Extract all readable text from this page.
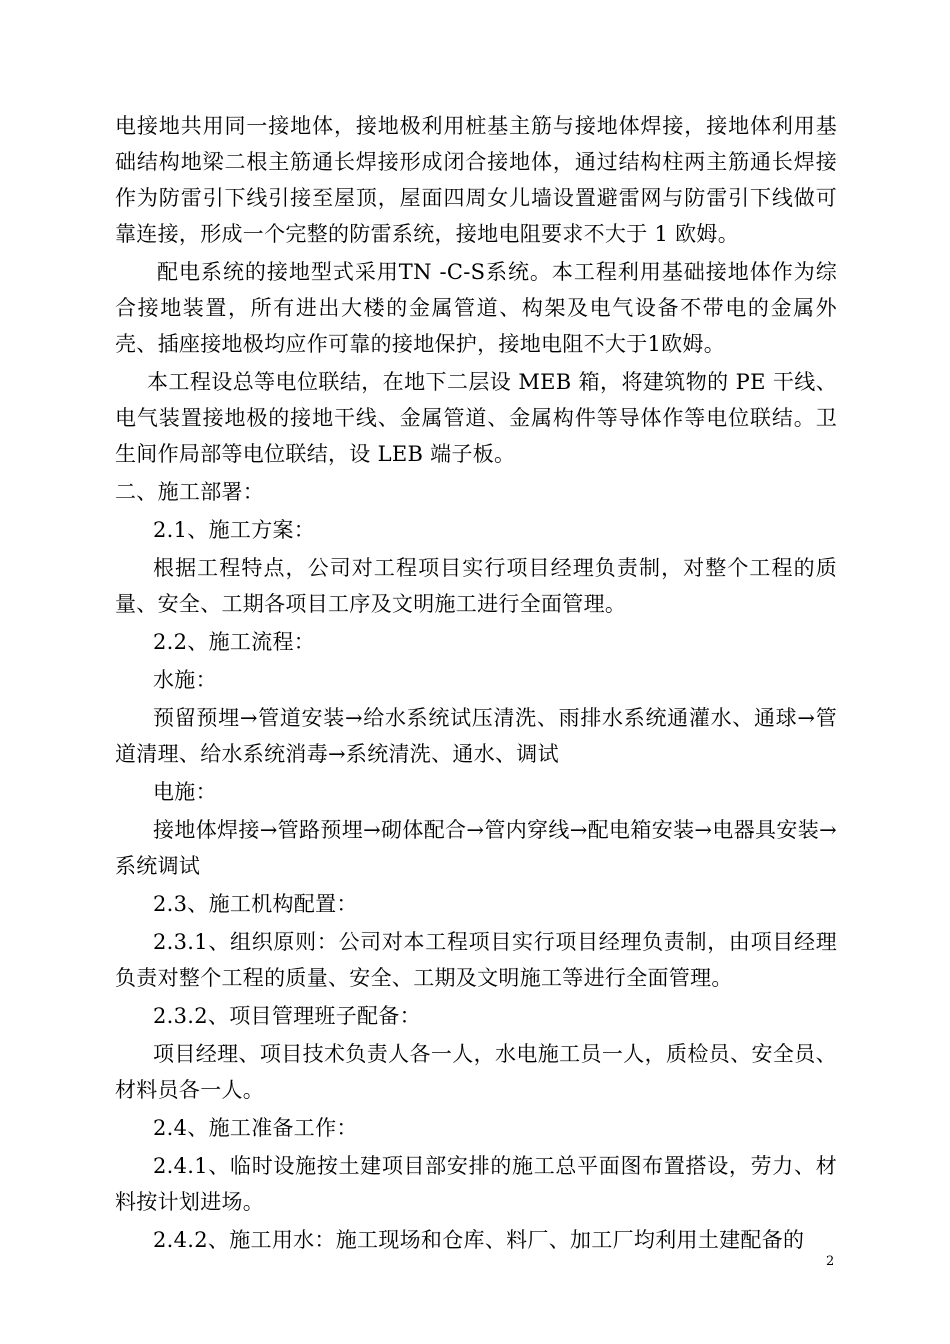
电接地共用同一接地体，接地极利用桩基主筋与接地体焊接，接地体利用基础结构地梁二根主筋通长焊接形成闭合接地体，通过结构柱两主筋通长焊接作为防雷引下线引接至屋顶，屋面四周女儿墙设置避雷网与防雷引下线做可靠连接，形成一个完整的防雷系统，接地电阻要求不大于 1 欧姆。

配电系统的接地型式采用TN -C-S系统。本工程利用基础接地体作为综合接地装置，所有进出大楼的金属管道、构架及电气设备不带电的金属外壳、插座接地极均应作可靠的接地保护，接地电阻不大于1欧姆。

本工程设总等电位联结，在地下二层设 MEB 箱，将建筑物的 PE 干线、电气装置接地极的接地干线、金属管道、金属构件等导体作等电位联结。卫生间作局部等电位联结，设 LEB 端子板。

二、施工部署：

2.1、施工方案：

根据工程特点，公司对工程项目实行项目经理负责制，对整个工程的质量、安全、工期各项目工序及文明施工进行全面管理。

2.2、施工流程：

水施：

预留预埋→管道安装→给水系统试压清洗、雨排水系统通灌水、通球→管道清理、给水系统消毒→系统清洗、通水、调试

电施：

接地体焊接→管路预埋→砌体配合→管内穿线→配电箱安装→电器具安装→系统调试

2.3、施工机构配置：

2.3.1、组织原则：公司对本工程项目实行项目经理负责制，由项目经理负责对整个工程的质量、安全、工期及文明施工等进行全面管理。

2.3.2、项目管理班子配备：

项目经理、项目技术负责人各一人，水电施工员一人，质检员、安全员、材料员各一人。

2.4、施工准备工作：

2.4.1、临时设施按土建项目部安排的施工总平面图布置搭设，劳力、材料按计划进场。

2.4.2、施工用水：施工现场和仓库、料厂、加工厂均利用土建配备的

2
